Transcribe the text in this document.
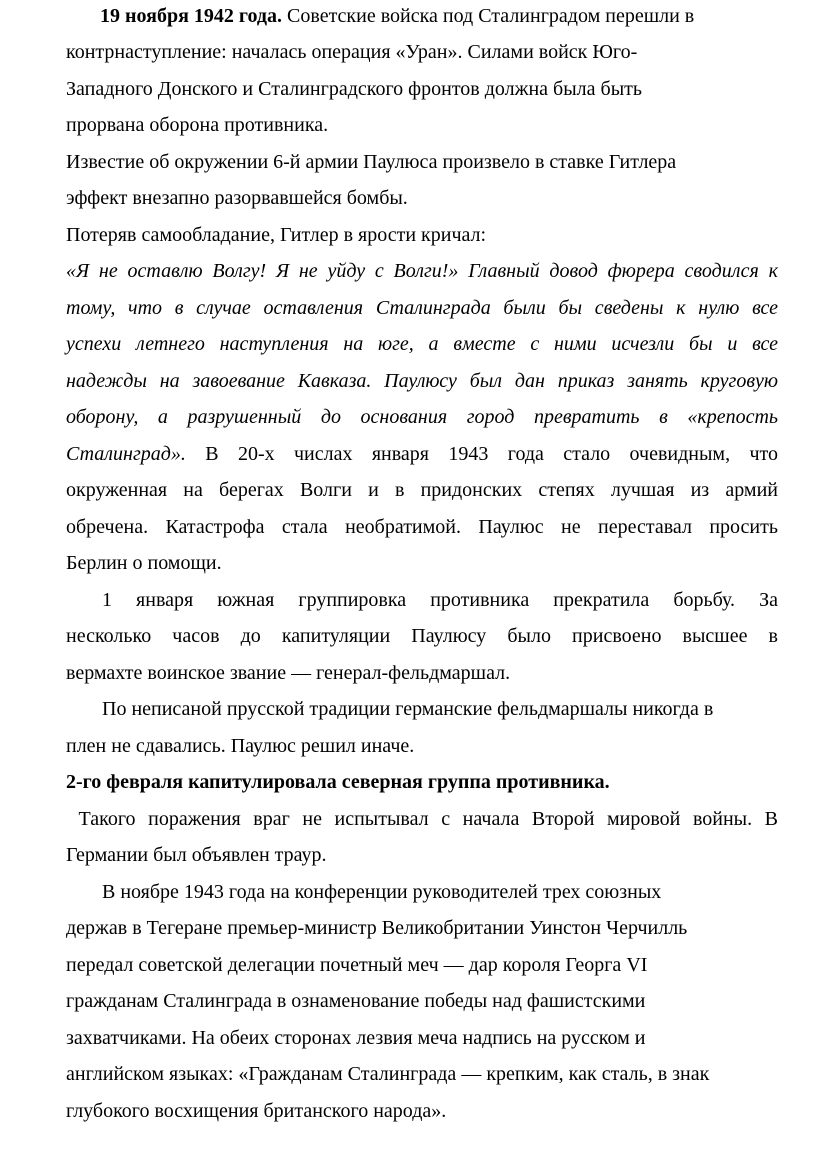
19 ноября 1942 года. Советские войска под Сталинградом перешли в
контрнаступление: началась операция «Уран». Силами войск Юго-
Западного Донского и Сталинградского фронтов должна была быть
прорвана оборона противника.
Известие об окружении 6-й армии Паулюса произвело в ставке Гитлера
эффект внезапно разорвавшейся бомбы.
Потеряв самообладание, Гитлер в ярости кричал:
«Я не оставлю Волгу! Я не уйду с Волги!» Главный довод фюрера сводился к
тому, что в случае оставления Сталинграда были бы сведены к нулю все
успехи летнего наступления на юге, а вместе с ними исчезли бы и все
надежды на завоевание Кавказа. Паулюсу был дан приказ занять круговую
оборону, а разрушенный до основания город превратить в «крепость
Сталинград». В 20-х числах января 1943 года стало очевидным, что
окруженная на берегах Волги и в придонских степях лучшая из армий
обречена. Катастрофа стала необратимой. Паулюс не переставал просить
Берлин о помощи.
1 января южная группировка противника прекратила борьбу. За
несколько часов до капитуляции Паулюсу было присвоено высшее в
вермахте воинское звание — генерал-фельдмаршал.
По неписаной прусской традиции германские фельдмаршалы никогда в
плен не сдавались. Паулюс решил иначе.
2-го февраля капитулировала северная группа противника.
Такого поражения враг не испытывал с начала Второй мировой войны. В
Германии был объявлен траур.
В ноябре 1943 года на конференции руководителей трех союзных
держав в Тегеране премьер-министр Великобритании Уинстон Черчилль
передал советской делегации почетный меч — дар короля Георга VI
гражданам Сталинграда в ознаменование победы над фашистскими
захватчиками. На обеих сторонах лезвия меча надпись на русском и
английском языках: «Гражданам Сталинграда — крепким, как сталь, в знак
глубокого восхищения британского народа».
